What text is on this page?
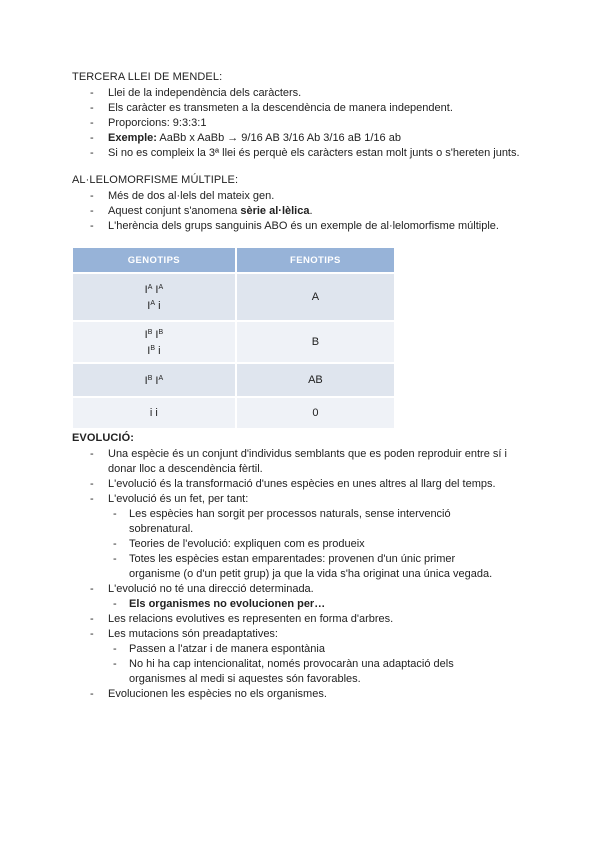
TERCERA LLEI DE MENDEL:
- Llei de la independència dels caràcters.
- Els caràcter es transmeten a la descendència de manera independent.
- Proporcions: 9:3:3:1
- Exemple: AaBb x AaBb → 9/16 AB 3/16 Ab 3/16 aB 1/16 ab
- Si no es compleix la 3ª llei és perquè els caràcters estan molt junts o s'hereten junts.
AL·LELOMORFISME MÚLTIPLE:
- Més de dos al·lels del mateix gen.
- Aquest conjunt s'anomena sèrie al·lèlica.
- L'herència dels grups sanguinis ABO és un exemple de al·lelomorfisme múltiple.
GENOTIPS	FENOTIPS

$I^A$ $I^A$
$I^A$ i	A

$I^B$ $I^B$
$I^B$ i	B

$I^B$ $I^A$	AB
i i	0
EVOLUCIÓ:
- Una espècie és un conjunt d'individus semblants que es poden reproduir entre sí i donar lloc a descendència fèrtil.
- L'evolució és la transformació d'unes espècies en unes altres al llarg del temps.
- L'evolució és un fet, per tant:
- Les espècies han sorgit per processos naturals, sense intervenció sobrenatural.
- Teories de l'evolució: expliquen com es produeix
- Totes les espècies estan emparentades: provenen d'un únic primer organisme (o d'un petit grup) ja que la vida s'ha originat una única vegada.
- L'evolució no té una direcció determinada.
- Els organismes no evolucionen per…
- Les relacions evolutives es representen en forma d'arbres.
- Les mutacions són preadaptatives:
- Passen a l'atzar i de manera espontània
- No hi ha cap intencionalitat, només provocaràn una adaptació dels organismes al medi si aquestes són favorables.
- Evolucionen les espècies no els organismes.
